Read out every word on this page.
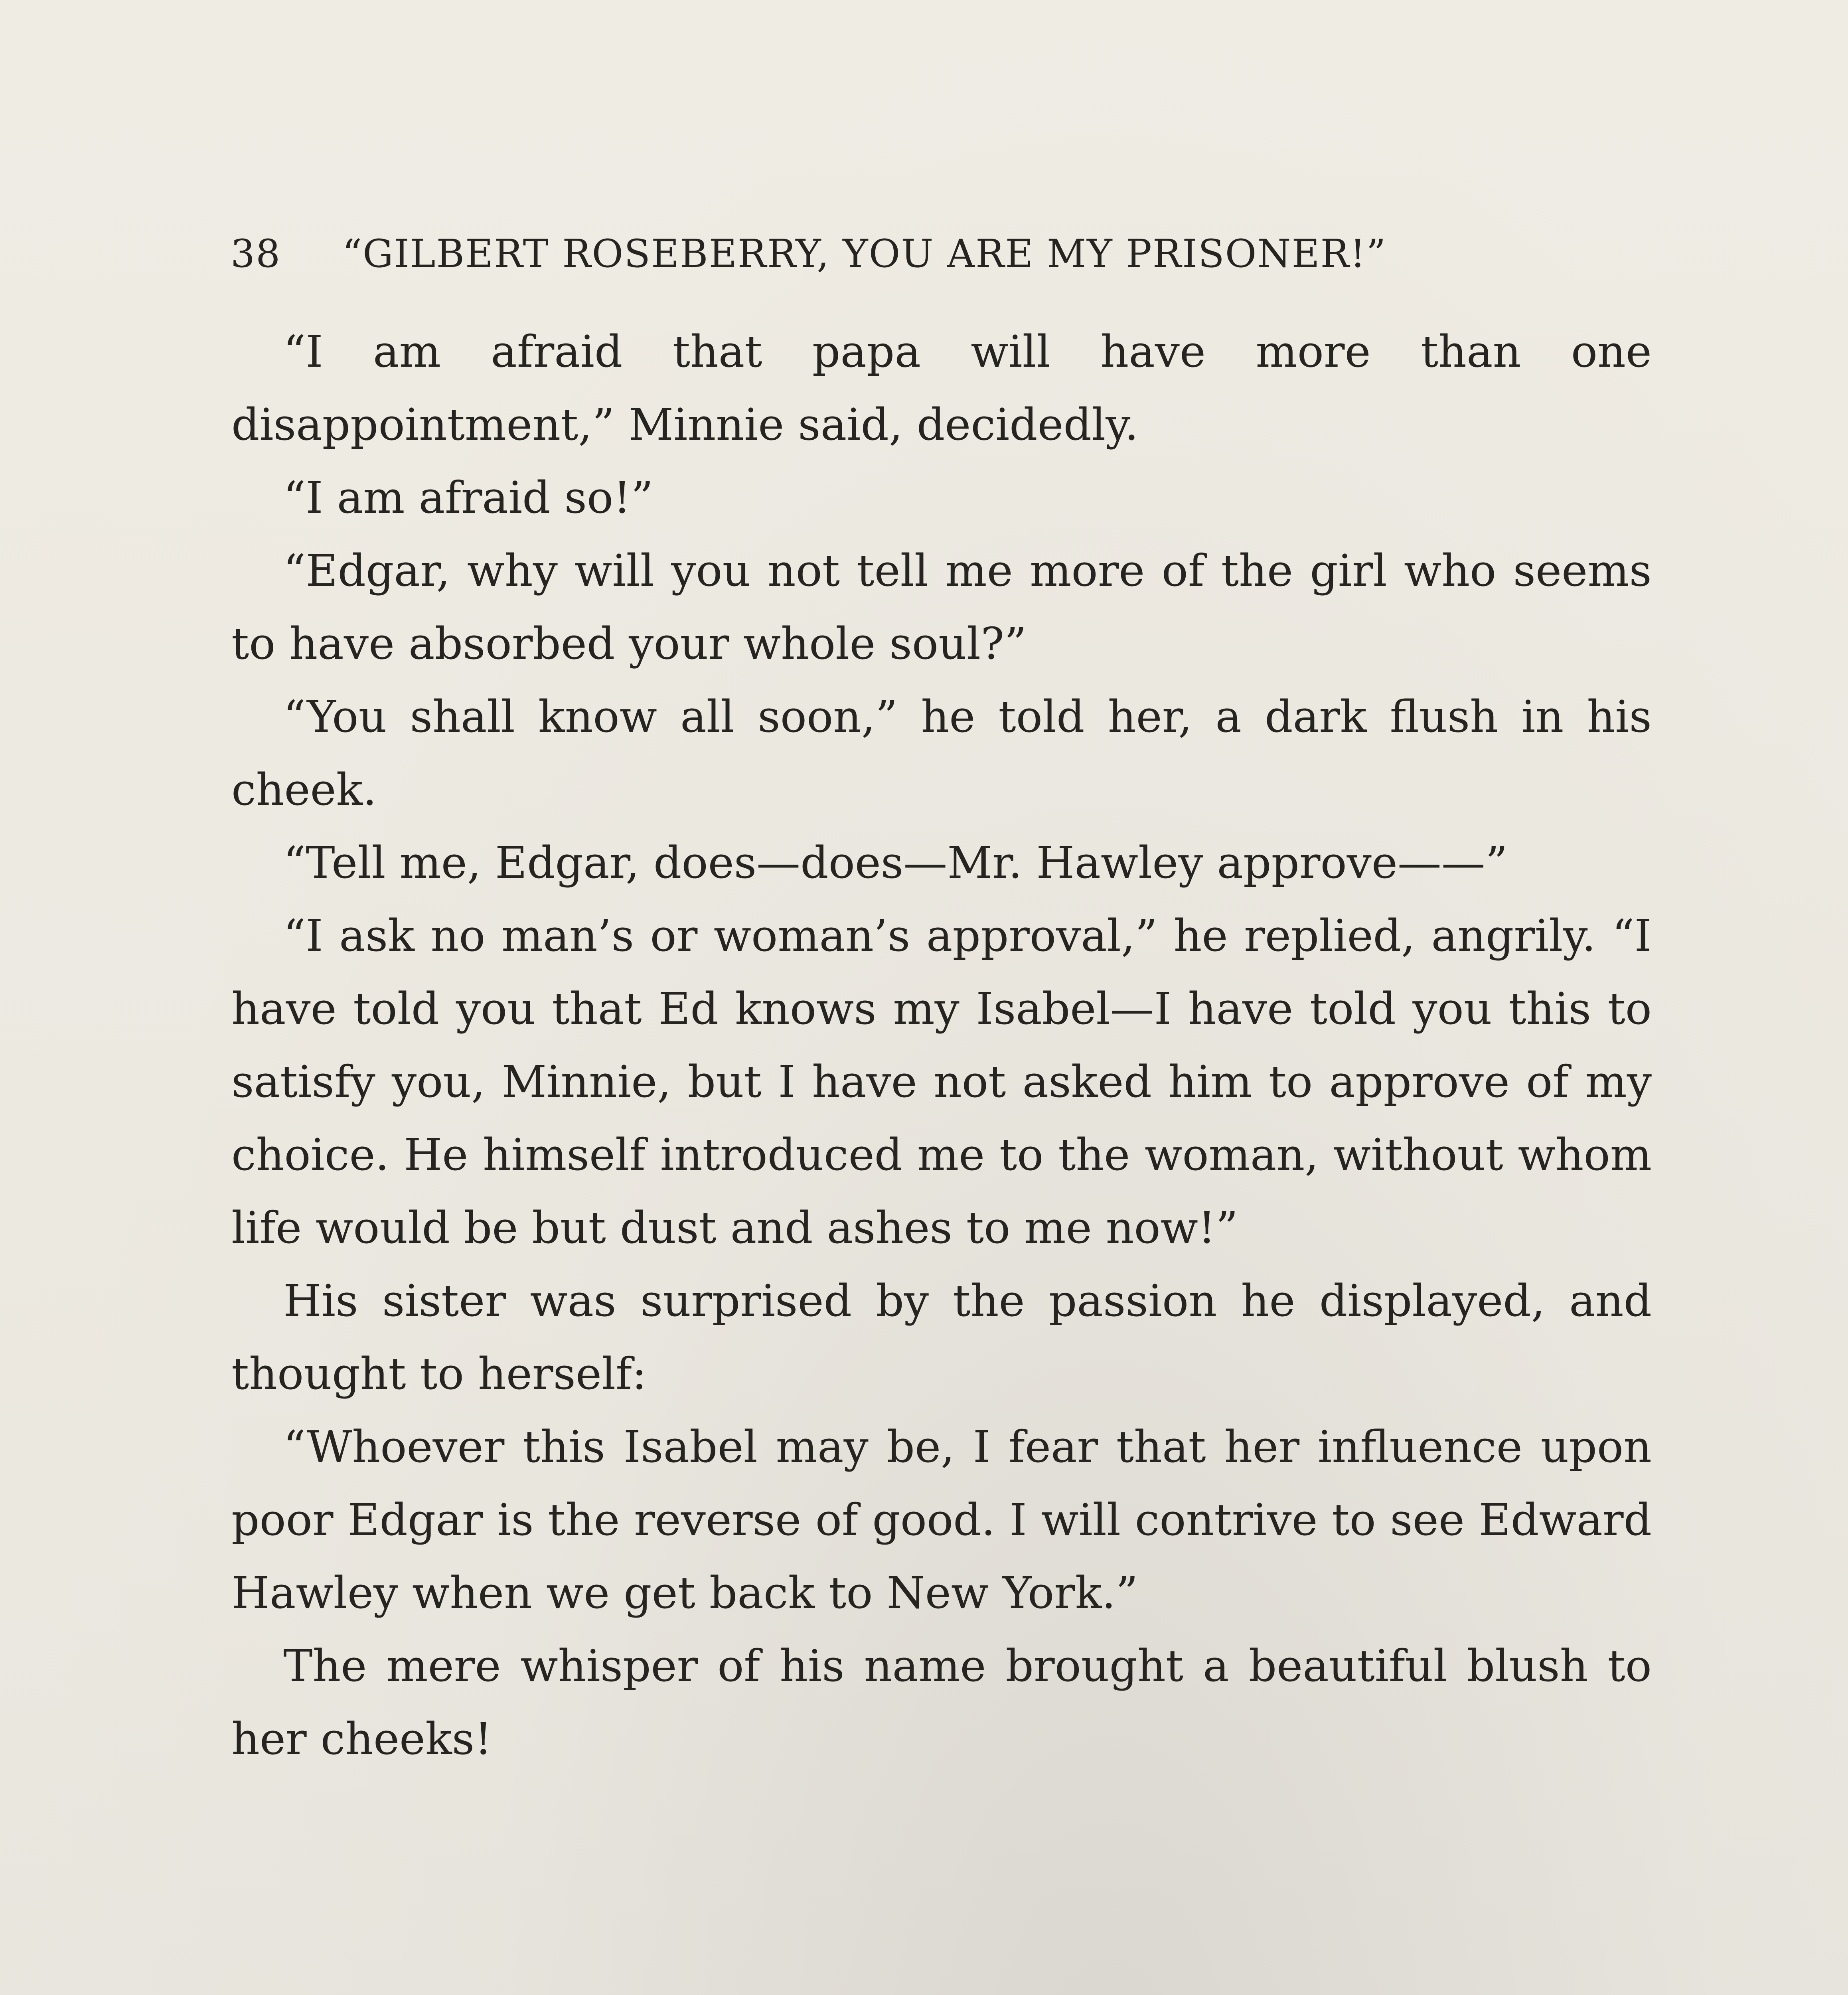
38 “GILBERT ROSEBERRY, YOU ARE MY PRISONER!”

“I am afraid that papa will have more than one disappointment,” Minnie said, decidedly.

“I am afraid so!”

“Edgar, why will you not tell me more of the girl who seems to have absorbed your whole soul?”

“You shall know all soon,” he told her, a dark flush in his cheek.

“Tell me, Edgar, does—does—Mr. Hawley approve——”

“I ask no man’s or woman’s approval,” he replied, angrily. “I have told you that Ed knows my Isabel—I have told you this to satisfy you, Minnie, but I have not asked him to approve of my choice. He himself introduced me to the woman, without whom life would be but dust and ashes to me now!”

His sister was surprised by the passion he displayed, and thought to herself:

“Whoever this Isabel may be, I fear that her influence upon poor Edgar is the reverse of good. I will contrive to see Edward Hawley when we get back to New York.”

The mere whisper of his name brought a beautiful blush to her cheeks!
